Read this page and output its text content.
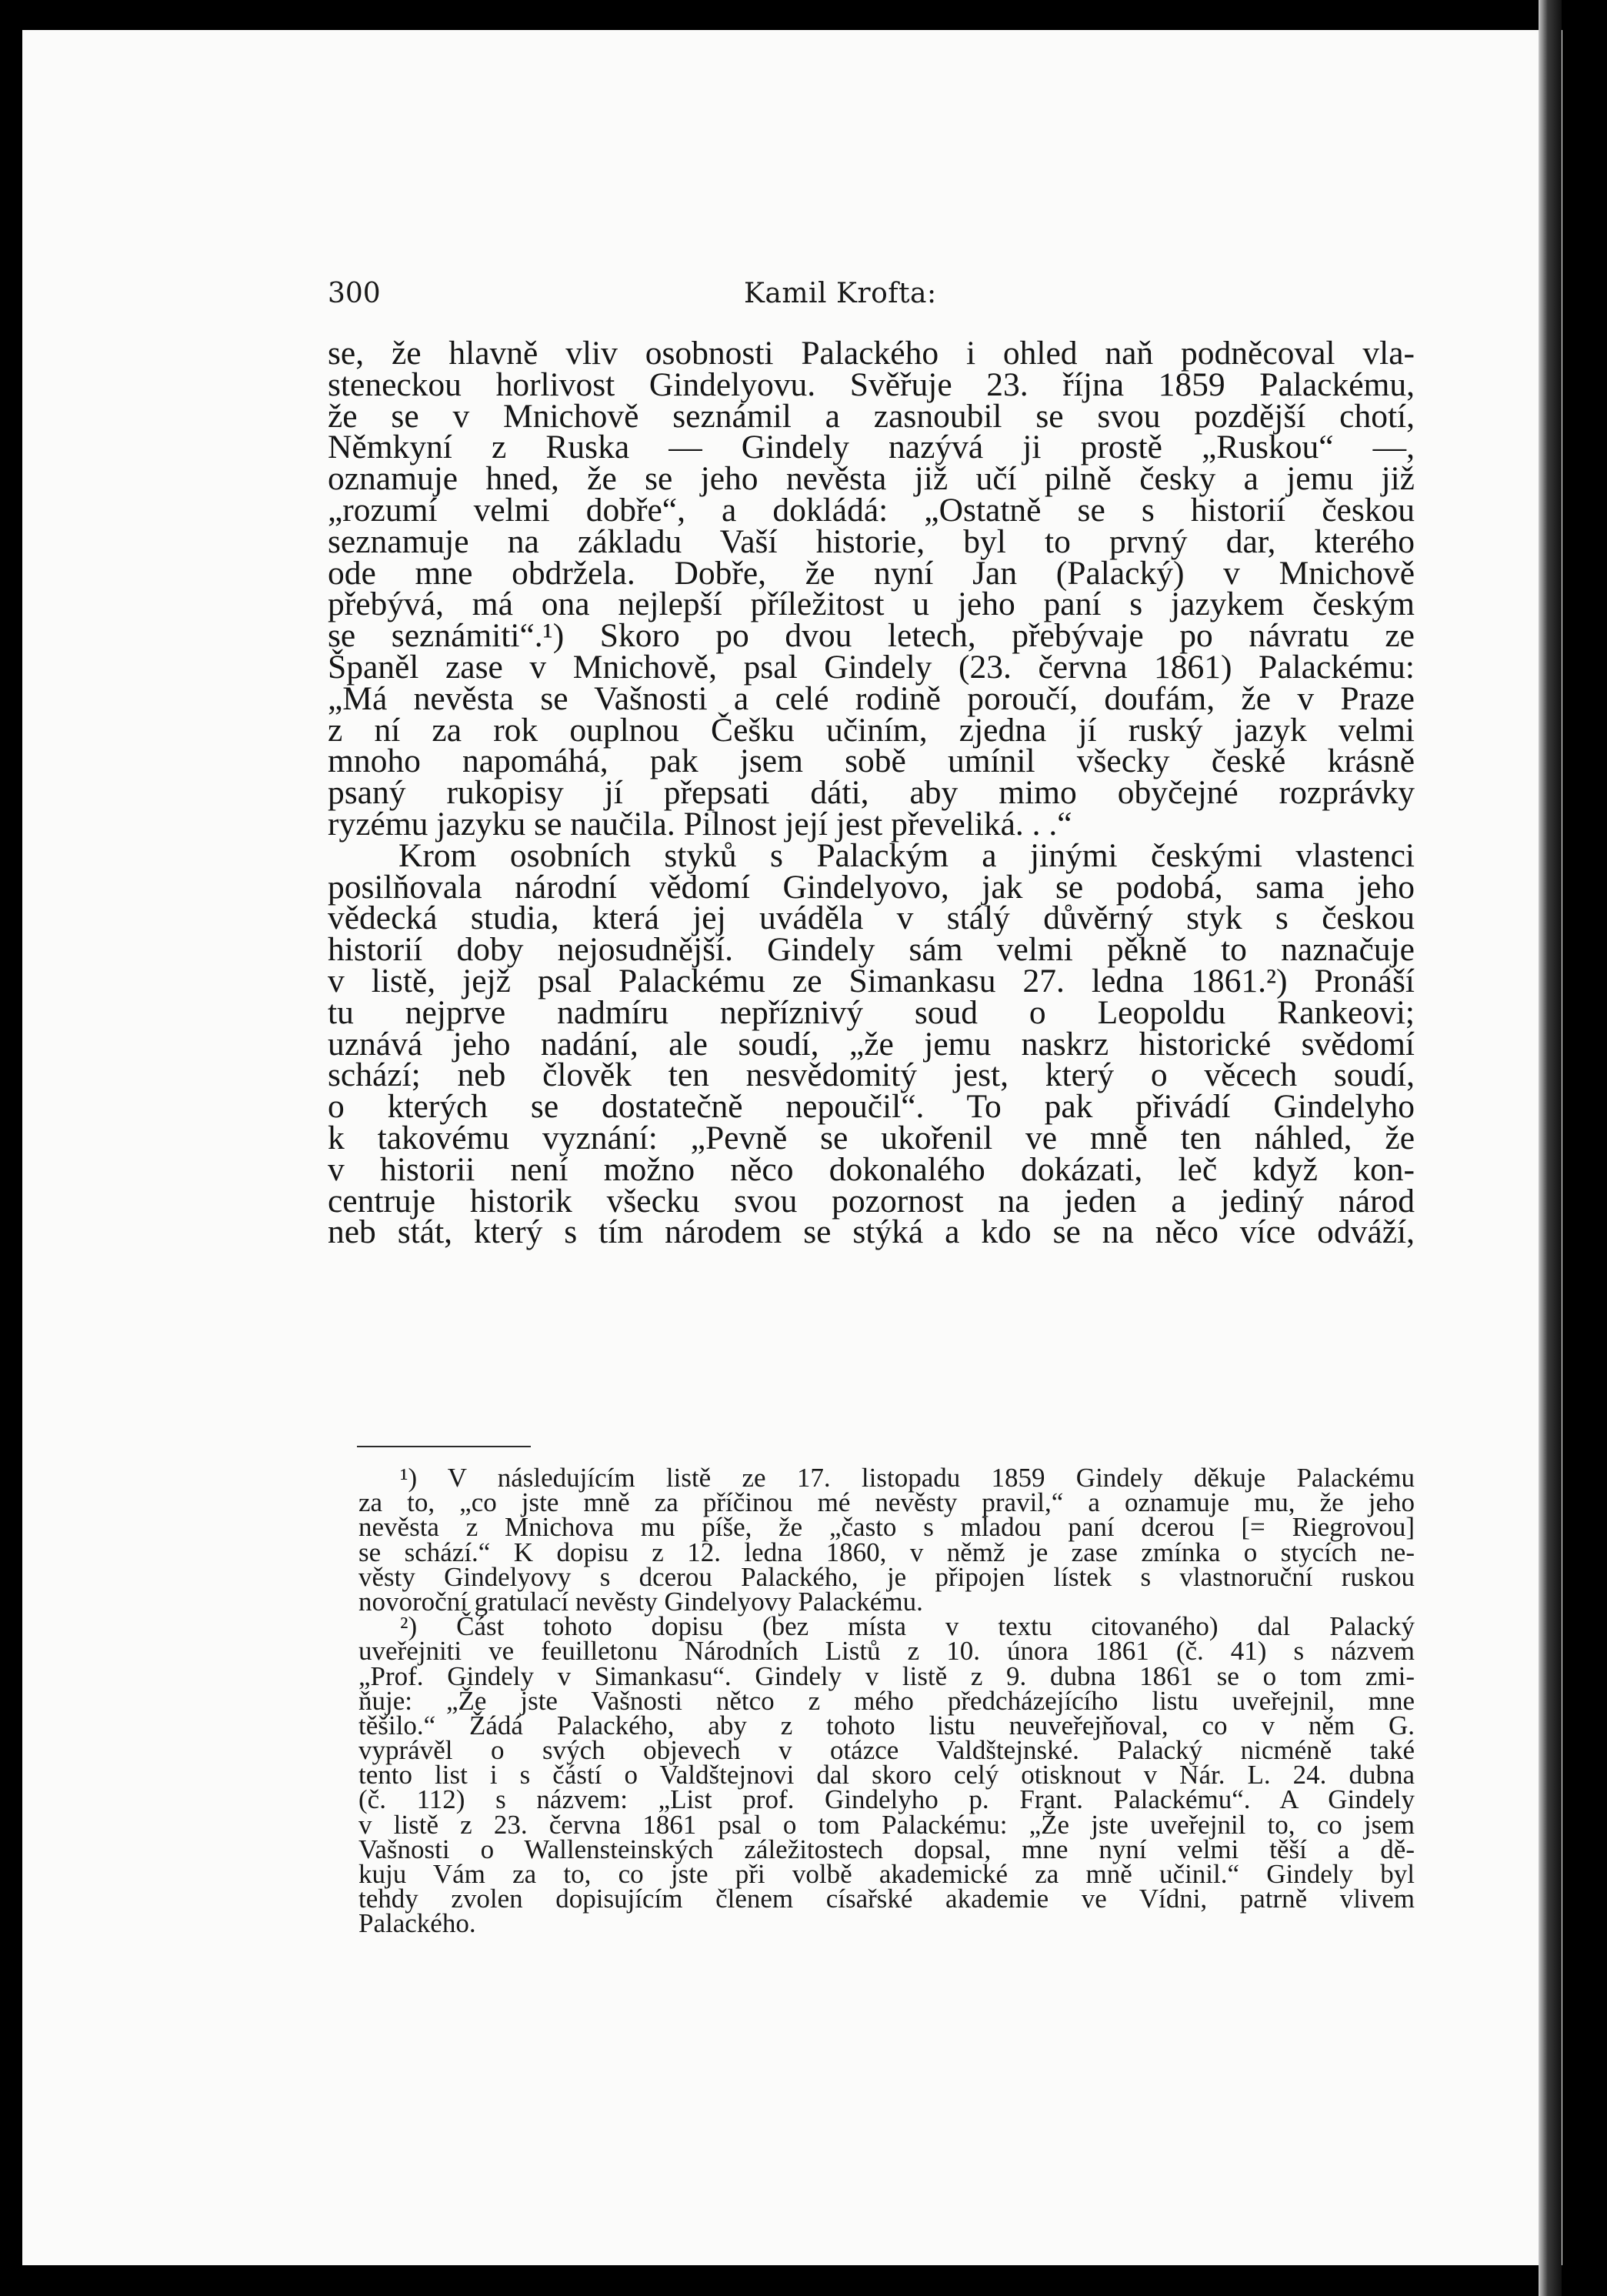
300	Kamil Krofta:
se, že hlavně vliv osobnosti Palackého i ohled naň podněcoval vla-
steneckou horlivost Gindelyovu. Svěřuje 23. října 1859 Palackému,
že se v Mnichově seznámil a zasnoubil se svou pozdější chotí,
Němkyní z Ruska — Gindely nazývá ji prostě „Ruskou“ —,
oznamuje hned, že se jeho nevěsta již učí pilně česky a jemu již
„rozumí velmi dobře“, a dokládá: „Ostatně se s historií českou
seznamuje na základu Vaší historie, byl to prvný dar, kterého
ode mne obdržela. Dobře, že nyní Jan (Palacký) v Mnichově
přebývá, má ona nejlepší příležitost u jeho paní s jazykem českým
se seznámiti“.¹) Skoro po dvou letech, přebývaje po návratu ze
Španěl zase v Mnichově, psal Gindely (23. června 1861) Palackému:
„Má nevěsta se Vašnosti a celé rodině poroučí, doufám, že v Praze
z ní za rok ouplnou Češku učiním, zjedna jí ruský jazyk velmi
mnoho napomáhá, pak jsem sobě umínil všecky české krásně
psaný rukopisy jí přepsati dáti, aby mimo obyčejné rozprávky
ryzému jazyku se naučila. Pilnost její jest převeliká. . .“
Krom osobních styků s Palackým a jinými českými vlastenci
posilňovala národní vědomí Gindelyovo, jak se podobá, sama jeho
vědecká studia, která jej uváděla v stálý důvěrný styk s českou
historií doby nejosudnější. Gindely sám velmi pěkně to naznačuje
v listě, jejž psal Palackému ze Simankasu 27. ledna 1861.²) Pronáší
tu nejprve nadmíru nepříznivý soud o Leopoldu Rankeovi;
uznává jeho nadání, ale soudí, „že jemu naskrz historické svědomí
schází; neb člověk ten nesvědomitý jest, který o věcech soudí,
o kterých se dostatečně nepoučil“. To pak přivádí Gindelyho
k takovému vyznání: „Pevně se ukořenil ve mně ten náhled, že
v historii není možno něco dokonalého dokázati, leč když kon-
centruje historik všecku svou pozornost na jeden a jediný národ
neb stát, který s tím národem se stýká a kdo se na něco více odváží,
¹) V následujícím listě ze 17. listopadu 1859 Gindely děkuje Palackému
za to, „co jste mně za příčinou mé nevěsty pravil,“ a oznamuje mu, že jeho
nevěsta z Mnichova mu píše, že „často s mladou paní dcerou [= Riegrovou]
se schází.“ K dopisu z 12. ledna 1860, v němž je zase zmínka o stycích ne-
věsty Gindelyovy s dcerou Palackého, je připojen lístek s vlastnoruční ruskou
novoroční gratulací nevěsty Gindelyovy Palackému.
²) Část tohoto dopisu (bez místa v textu citovaného) dal Palacký
uveřejniti ve feuilletonu Národních Listů z 10. února 1861 (č. 41) s názvem
„Prof. Gindely v Simankasu“. Gindely v listě z 9. dubna 1861 se o tom zmi-
ňuje: „Že jste Vašnosti nětco z mého předcházejícího listu uveřejnil, mne
těšilo.“ Žádá Palackého, aby z tohoto listu neuveřejňoval, co v něm G.
vyprávěl o svých objevech v otázce Valdštejnské. Palacký nicméně také
tento list i s částí o Valdštejnovi dal skoro celý otisknout v Nár. L. 24. dubna
(č. 112) s názvem: „List prof. Gindelyho p. Frant. Palackému“. A Gindely
v listě z 23. června 1861 psal o tom Palackému: „Že jste uveřejnil to, co jsem
Vašnosti o Wallensteinských záležitostech dopsal, mne nyní velmi těší a dě-
kuju Vám za to, co jste při volbě akademické za mně učinil.“ Gindely byl
tehdy zvolen dopisujícím členem císařské akademie ve Vídni, patrně vlivem
Palackého.
